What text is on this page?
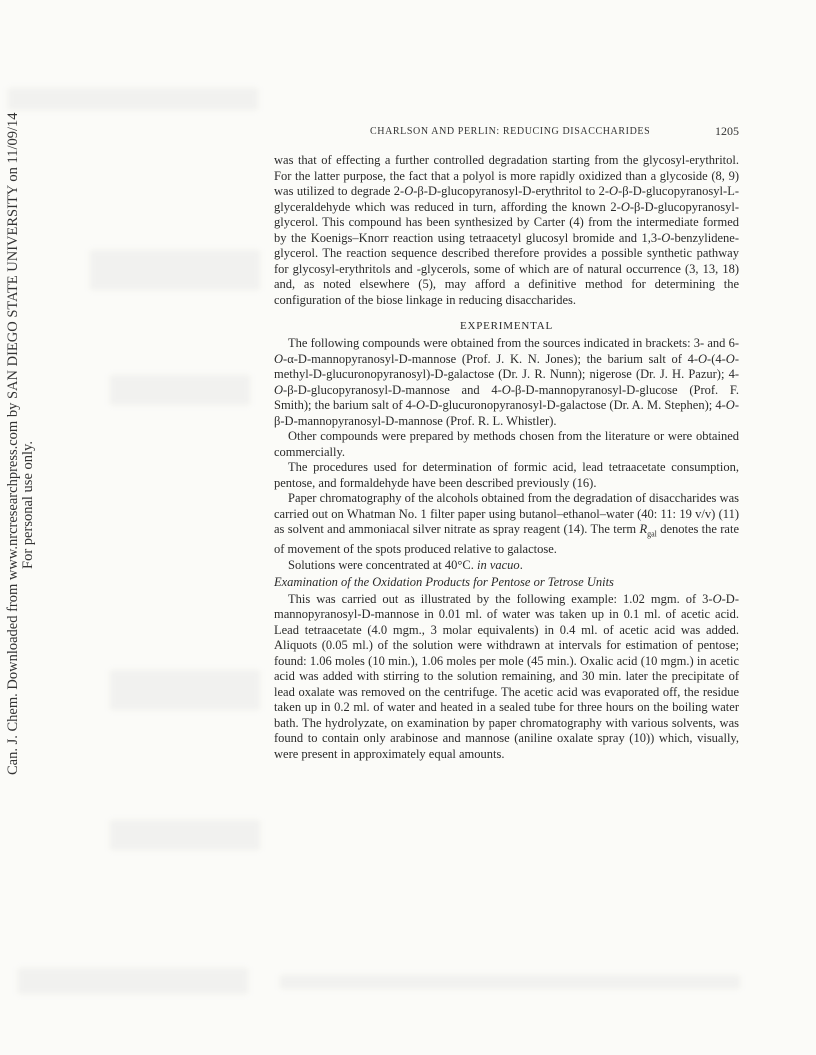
Can. J. Chem. Downloaded from www.nrcresearchpress.com by SAN DIEGO STATE UNIVERSITY on 11/09/14 For personal use only.
CHARLSON AND PERLIN: REDUCING DISACCHARIDES	1205

was that of effecting a further controlled degradation starting from the glycosyl-erythritol. For the latter purpose, the fact that a polyol is more rapidly oxidized than a glycoside (8, 9) was utilized to degrade 2-O-β-D-glucopyranosyl-D-erythritol to 2-O-β-D-glucopyranosyl-L-glyceraldehyde which was reduced in turn, affording the known 2-O-β-D-glucopyranosyl-glycerol. This compound has been synthesized by Carter (4) from the intermediate formed by the Koenigs–Knorr reaction using tetraacetyl glucosyl bromide and 1,3-O-benzylidene-glycerol. The reaction sequence described therefore provides a possible synthetic pathway for glycosyl-erythritols and -glycerols, some of which are of natural occurrence (3, 13, 18) and, as noted elsewhere (5), may afford a definitive method for determining the configuration of the biose linkage in reducing disaccharides.

EXPERIMENTAL

The following compounds were obtained from the sources indicated in brackets: 3- and 6-O-α-D-mannopyranosyl-D-mannose (Prof. J. K. N. Jones); the barium salt of 4-O-(4-O-methyl-D-glucuronopyranosyl)-D-galactose (Dr. J. R. Nunn); nigerose (Dr. J. H. Pazur); 4-O-β-D-glucopyranosyl-D-mannose and 4-O-β-D-mannopyranosyl-D-glucose (Prof. F. Smith); the barium salt of 4-O-D-glucuronopyranosyl-D-galactose (Dr. A. M. Stephen); 4-O-β-D-mannopyranosyl-D-mannose (Prof. R. L. Whistler).

Other compounds were prepared by methods chosen from the literature or were obtained commercially.

The procedures used for determination of formic acid, lead tetraacetate consumption, pentose, and formaldehyde have been described previously (16).

Paper chromatography of the alcohols obtained from the degradation of disaccharides was carried out on Whatman No. 1 filter paper using butanol–ethanol–water (40: 11: 19 v/v) (11) as solvent and ammoniacal silver nitrate as spray reagent (14). The term $R_{gal}$ denotes the rate of movement of the spots produced relative to galactose.

Solutions were concentrated at 40°C. in vacuo.

Examination of the Oxidation Products for Pentose or Tetrose Units

This was carried out as illustrated by the following example: 1.02 mgm. of 3-O-D-mannopyranosyl-D-mannose in 0.01 ml. of water was taken up in 0.1 ml. of acetic acid. Lead tetraacetate (4.0 mgm., 3 molar equivalents) in 0.4 ml. of acetic acid was added. Aliquots (0.05 ml.) of the solution were withdrawn at intervals for estimation of pentose; found: 1.06 moles (10 min.), 1.06 moles per mole (45 min.). Oxalic acid (10 mgm.) in acetic acid was added with stirring to the solution remaining, and 30 min. later the precipitate of lead oxalate was removed on the centrifuge. The acetic acid was evaporated off, the residue taken up in 0.2 ml. of water and heated in a sealed tube for three hours on the boiling water bath. The hydrolyzate, on examination by paper chromatography with various solvents, was found to contain only arabinose and mannose (aniline oxalate spray (10)) which, visually, were present in approximately equal amounts.
